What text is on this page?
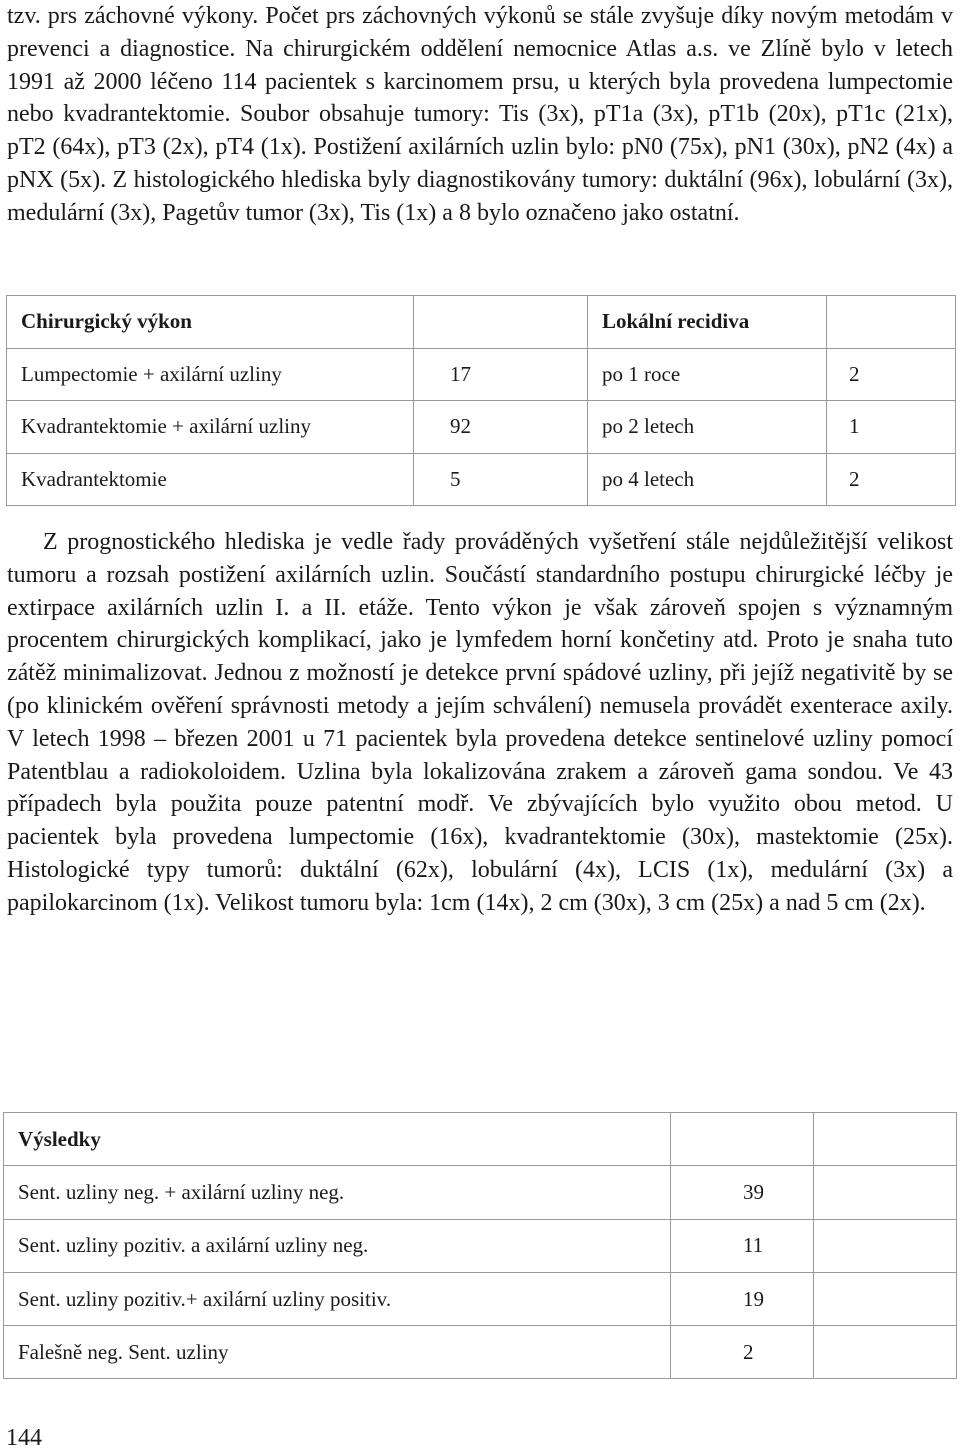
tzv. prs záchovné výkony. Počet prs záchovných výkonů se stále zvyšuje díky novým metodám v prevenci a diagnostice. Na chirurgickém oddělení nemocnice Atlas a.s. ve Zlíně bylo v letech 1991 až 2000 léčeno 114 pacientek s karcinomem prsu, u kterých byla provedena lumpectomie nebo kvadrantektomie. Soubor obsahuje tumory: Tis (3x), pT1a (3x), pT1b (20x), pT1c (21x), pT2 (64x), pT3 (2x), pT4 (1x). Postižení axilárních uzlin bylo: pN0 (75x), pN1 (30x), pN2 (4x) a pNX (5x). Z histologického hlediska byly diagnostikovány tumory: duktální (96x), lobulární (3x), medulární (3x), Pagetův tumor (3x), Tis (1x) a 8 bylo označeno jako ostatní.

Chirurgický výkon		Lokální recidiva	
Lumpectomie + axilární uzliny	17	po 1 roce	2
Kvadrantektomie + axilární uzliny	92	po 2 letech	1
Kvadrantektomie	5	po 4 letech	2

Z prognostického hlediska je vedle řady prováděných vyšetření stále nejdůležitější velikost tumoru a rozsah postižení axilárních uzlin. Součástí standardního postupu chirurgické léčby je extirpace axilárních uzlin I. a II. etáže. Tento výkon je však zároveň spojen s významným procentem chirurgických komplikací, jako je lymfedem horní končetiny atd. Proto je snaha tuto zátěž minimalizovat. Jednou z možností je detekce první spádové uzliny, při jejíž negativitě by se (po klinickém ověření správnosti metody a jejím schválení) nemusela provádět exenterace axily. V letech 1998 – březen 2001 u 71 pacientek byla provedena detekce sentinelové uzliny pomocí Patentblau a radiokoloidem. Uzlina byla lokalizována zrakem a zároveň gama sondou. Ve 43 případech byla použita pouze patentní modř. Ve zbývajících bylo využito obou metod. U pacientek byla provedena lumpectomie (16x), kvadrantektomie (30x), mastektomie (25x). Histologické typy tumorů: duktální (62x), lobulární (4x), LCIS (1x), medulární (3x) a papilokarcinom (1x). Velikost tumoru byla: 1cm (14x), 2 cm (30x), 3 cm (25x) a nad 5 cm (2x).

Výsledky		
Sent. uzliny neg. + axilární uzliny neg.	39	
Sent. uzliny pozitiv. a axilární uzliny neg.	11	
Sent. uzliny pozitiv.+ axilární uzliny positiv.	19	
Falešně neg. Sent. uzliny	2	
144
